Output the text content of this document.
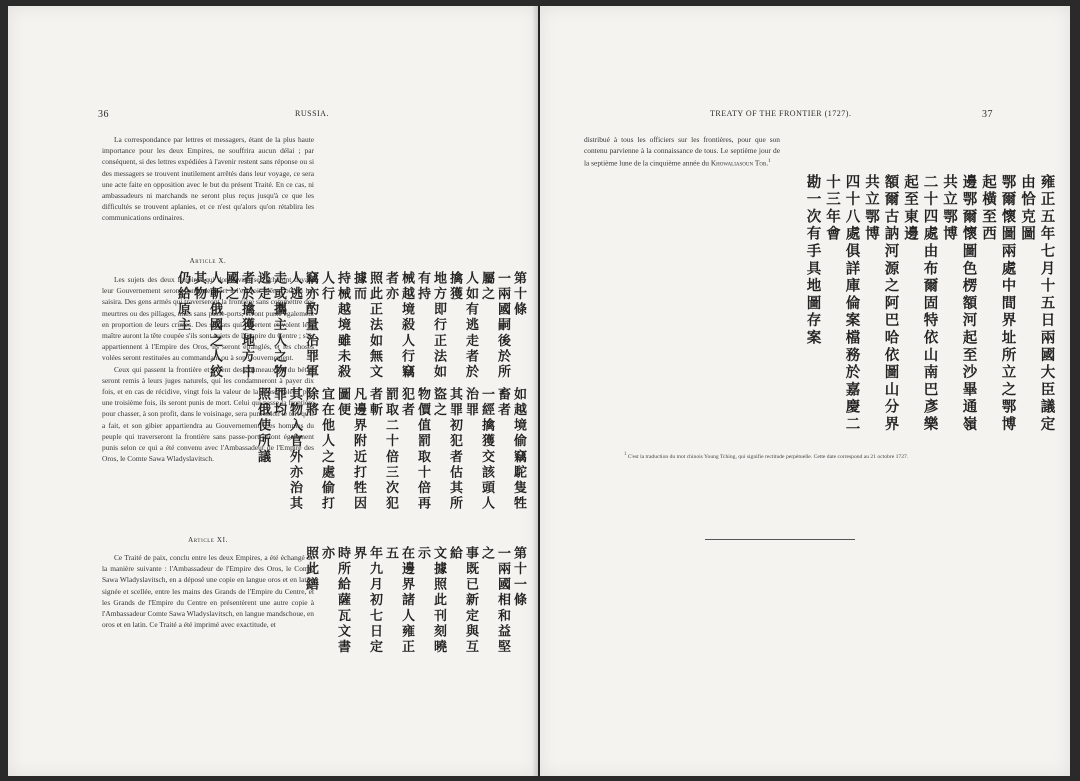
36	RUSSIA.

La correspondance par lettres et messagers, étant de la plus haute importance pour les deux Empires, ne souffrira aucun délai ; par conséquent, si des lettres expédiées à l'avenir restent sans réponse ou si des messagers se trouvent inutilement arrêtés dans leur voyage, ce sera une acte faite en opposition avec le but du présent Traité. En ce cas, ni ambassadeurs ni marchands ne seront plus reçus jusqu'à ce que les difficultés se trouvent aplanies, et ce n'est qu'alors qu'on rétablira les communications ordinaires.

Article X.

Les sujets des deux Empires qui dorénavant se cacheront devant leur Gouvernement seront punis de mort à l'endroit même où on les saisira. Des gens armés qui traverseront la frontière sans commettre des meurtres ou des pillages, mais sans passe-ports, seront punis également en proportion de leurs crimes. Des soldats qui désertent et volent leur maître auront la tête coupée s'ils sont sujets de l'Empire du Centre ; s'ils appartiennent à l'Empire des Oros, ils seront étranglés, et les choses volées seront restituées au commandant ou à son Gouvernement.

Ceux qui passent la frontière et volent des chameaux ou du bétail seront remis à leurs juges naturels, qui les condamneront à payer dix fois, et en cas de récidive, vingt fois la valeur de la chose volée ; pris une troisième fois, ils seront punis de mort. Celui qui passe la frontière pour chasser, à son profit, dans le voisinage, sera puni selon le tort qu'il a fait, et son gibier appartiendra au Gouvernement. Les hommes du peuple qui traverseront la frontière sans passe-port seront également punis selon ce qui a été convenu avec l'Ambassadeur de l'Empire des Oros, le Comte Sawa Wladyslavitsch.

Article XI.

Ce Traité de paix, conclu entre les deux Empires, a été échangé de la manière suivante : l'Ambassadeur de l'Empire des Oros, le Comte Sawa Wladyslavitsch, en a déposé une copie en langue oros et en latin, signée et scellée, entre les mains des Grands de l'Empire du Centre, et les Grands de l'Empire du Centre en présentèrent une autre copie à l'Ambassadeur Comte Sawa Wladyslavitsch, en langue mandschoue, en oros et en latin. Ce Traité a été imprimé avec exactitude, et

第十條
一兩國嗣後於所屬之
人如有逃走者於擒獲
地方即行正法如有持
械越境殺人行竊者亦
照此正法如無文據而
持械越境雖未殺人行
竊亦酌量治罪軍人逃
走或攜主人之物逃走
者於擒獲地方中國之
人斬俄國之人絞其物
仍給原主
如越境偷竊駝隻牲畜者
一經擒獲交該頭人治罪
其罪初犯者估其所盜之
物價值罰取十倍再犯者
罰取二十倍三次犯者斬
凡邊界附近打牲因圖便
宜在他人之處偷打除將
其物入官外亦治其罪均
照俄使所議
第十一條
一兩國相和益堅之
事既已新定與互給
文據照此刊刻曉示
在邊界諸人雍正五
年九月初七日定界
時所給薩瓦文書亦
照此繕
TREATY OF THE FRONTIER (1727).	37

distribué à tous les officiers sur les frontières, pour que son contenu parvienne à la connaissance de tous. Le septième jour de la septième lune de la cinquième année du Khowaliasoun Tob.$^1$

雍正五年七月十五日兩國大臣議定由恰克圖
鄂爾懷圖兩處中間界址所立之鄂博起橫至西
邊鄂爾懷圖色楞額河起至沙畢通嶺共立鄂博
二十四處由布爾固特依山南巴彥樂起至東邊
額爾古訥河源之阿巴哈依圖山分界共立鄂博
四十八處俱詳庫倫案檔務於嘉慶二十三年會
勘一次有手具地圖存案
$^1$ C'est la traduction du mot chinois Young Tching, qui signifie rectitude perpétuelle. Cette date correspond au 21 octobre 1727.
